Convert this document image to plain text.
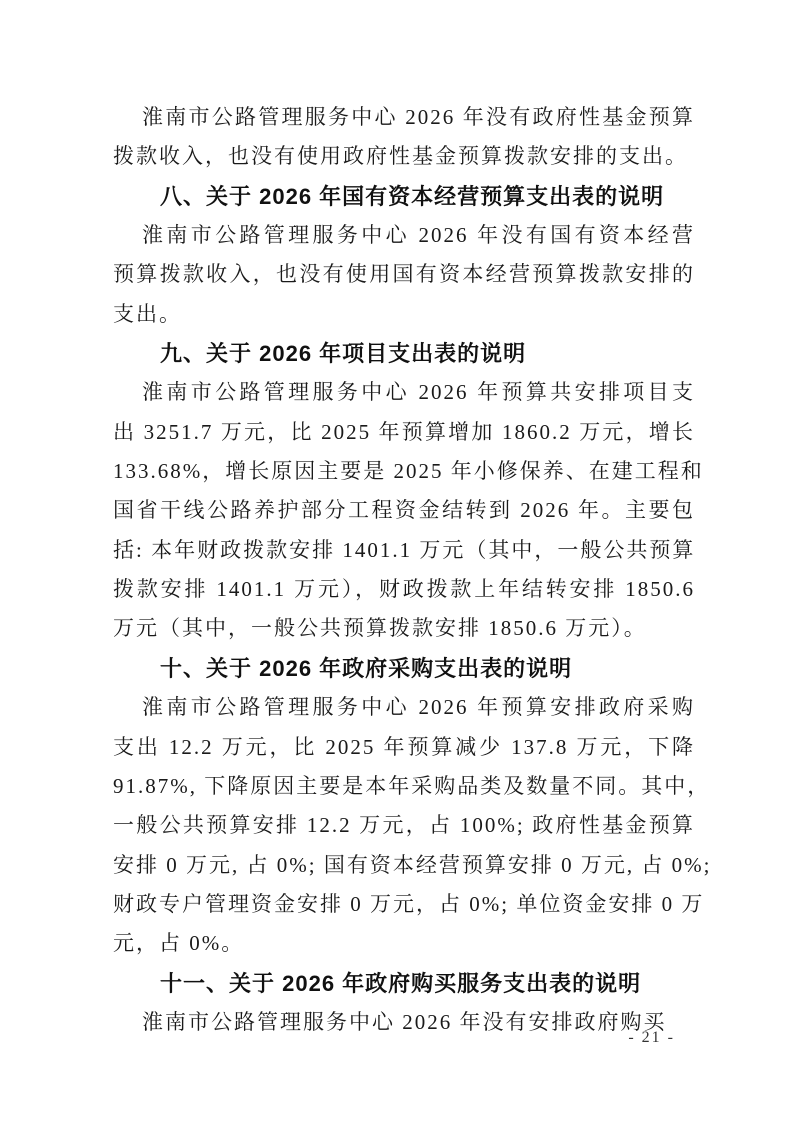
淮南市公路管理服务中心 2026 年没有政府性基金预算
拨款收入，也没有使用政府性基金预算拨款安排的支出。
八、关于 2026 年国有资本经营预算支出表的说明
淮南市公路管理服务中心 2026 年没有国有资本经营
预算拨款收入，也没有使用国有资本经营预算拨款安排的
支出。
九、关于 2026 年项目支出表的说明
淮南市公路管理服务中心 2026 年预算共安排项目支
出 3251.7 万元，比 2025 年预算增加 1860.2 万元，增长
133.68%，增长原因主要是 2025 年小修保养、在建工程和
国省干线公路养护部分工程资金结转到 2026 年。主要包
括: 本年财政拨款安排 1401.1 万元（其中，一般公共预算
拨款安排 1401.1 万元），财政拨款上年结转安排 1850.6
万元（其中，一般公共预算拨款安排 1850.6 万元）。
十、关于 2026 年政府采购支出表的说明
淮南市公路管理服务中心 2026 年预算安排政府采购
支出 12.2 万元，比 2025 年预算减少 137.8 万元，下降
91.87%, 下降原因主要是本年采购品类及数量不同。其中，
一般公共预算安排 12.2 万元，占 100%; 政府性基金预算
安排 0 万元, 占 0%; 国有资本经营预算安排 0 万元, 占 0%;
财政专户管理资金安排 0 万元，占 0%; 单位资金安排 0 万
元，占 0%。
十一、关于 2026 年政府购买服务支出表的说明
淮南市公路管理服务中心 2026 年没有安排政府购买
- 21 -
